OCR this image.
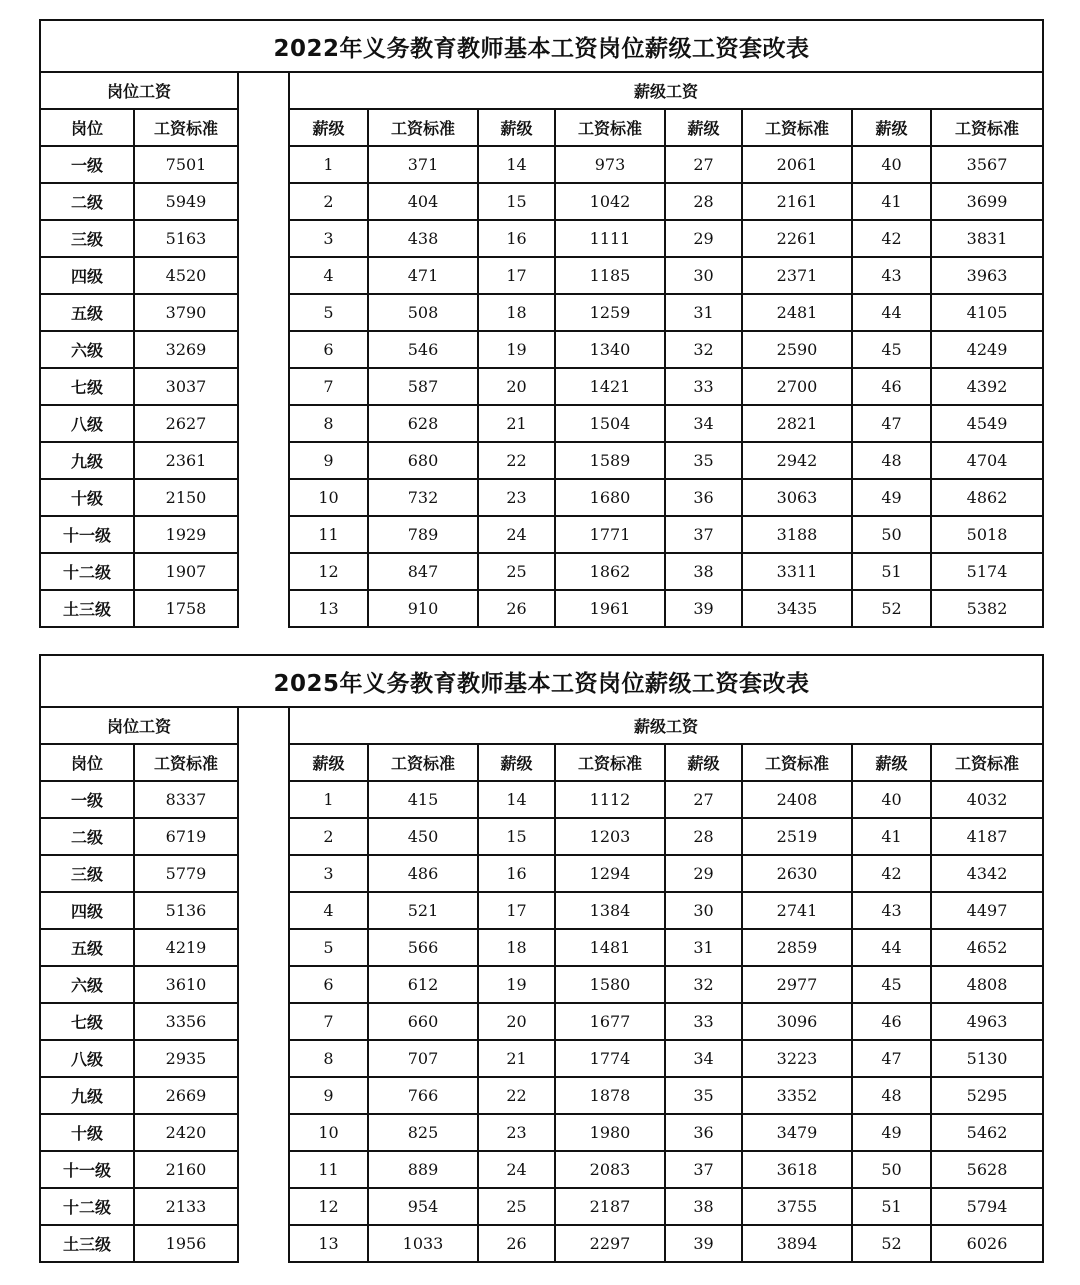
2022年义务教育教师基本工资岗位薪级工资套改表										
岗位工资			薪级工资							
岗位	工资标准		薪级	工资标准	薪级	工资标准	薪级	工资标准	薪级	工资标准
一级	7501		1	371	14	973	27	2061	40	3567
二级	5949		2	404	15	1042	28	2161	41	3699
三级	5163		3	438	16	1111	29	2261	42	3831
四级	4520		4	471	17	1185	30	2371	43	3963
五级	3790		5	508	18	1259	31	2481	44	4105
六级	3269		6	546	19	1340	32	2590	45	4249
七级	3037		7	587	20	1421	33	2700	46	4392
八级	2627		8	628	21	1504	34	2821	47	4549
九级	2361		9	680	22	1589	35	2942	48	4704
十级	2150		10	732	23	1680	36	3063	49	4862
十一级	1929		11	789	24	1771	37	3188	50	5018
十二级	1907		12	847	25	1862	38	3311	51	5174
土三级	1758		13	910	26	1961	39	3435	52	5382
2025年义务教育教师基本工资岗位薪级工资套改表										
岗位工资			薪级工资							
岗位	工资标准		薪级	工资标准	薪级	工资标准	薪级	工资标准	薪级	工资标准
一级	8337		1	415	14	1112	27	2408	40	4032
二级	6719		2	450	15	1203	28	2519	41	4187
三级	5779		3	486	16	1294	29	2630	42	4342
四级	5136		4	521	17	1384	30	2741	43	4497
五级	4219		5	566	18	1481	31	2859	44	4652
六级	3610		6	612	19	1580	32	2977	45	4808
七级	3356		7	660	20	1677	33	3096	46	4963
八级	2935		8	707	21	1774	34	3223	47	5130
九级	2669		9	766	22	1878	35	3352	48	5295
十级	2420		10	825	23	1980	36	3479	49	5462
十一级	2160		11	889	24	2083	37	3618	50	5628
十二级	2133		12	954	25	2187	38	3755	51	5794
土三级	1956		13	1033	26	2297	39	3894	52	6026
